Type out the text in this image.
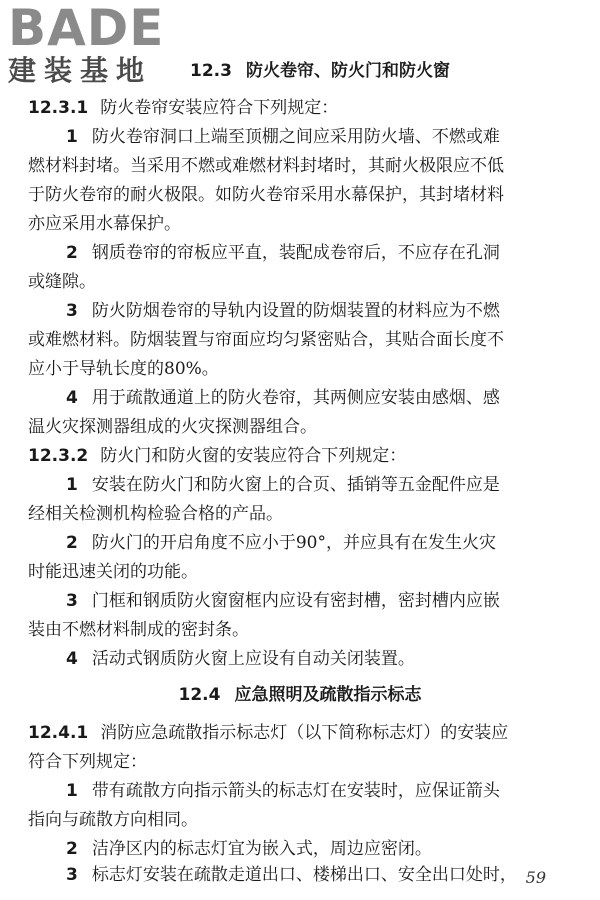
BADE
建装基地	12.3 防火卷帘、防火门和防火窗
12.3.1 防火卷帘安装应符合下列规定：
1 防火卷帘洞口上端至顶棚之间应采用防火墙、不燃或难
燃材料封堵。当采用不燃或难燃材料封堵时，其耐火极限应不低
于防火卷帘的耐火极限。如防火卷帘采用水幕保护，其封堵材料
亦应采用水幕保护。
2 钢质卷帘的帘板应平直，装配成卷帘后，不应存在孔洞
或缝隙。
3 防火防烟卷帘的导轨内设置的防烟装置的材料应为不燃
或难燃材料。防烟装置与帘面应均匀紧密贴合，其贴合面长度不
应小于导轨长度的80%。
4 用于疏散通道上的防火卷帘，其两侧应安装由感烟、感
温火灾探测器组成的火灾探测器组合。
12.3.2 防火门和防火窗的安装应符合下列规定：
1 安装在防火门和防火窗上的合页、插销等五金配件应是
经相关检测机构检验合格的产品。
2 防火门的开启角度不应小于90°，并应具有在发生火灾
时能迅速关闭的功能。
3 门框和钢质防火窗窗框内应设有密封槽，密封槽内应嵌
装由不燃材料制成的密封条。
4 活动式钢质防火窗上应设有自动关闭装置。
12.4 应急照明及疏散指示标志
12.4.1 消防应急疏散指示标志灯（以下简称标志灯）的安装应
符合下列规定：
1 带有疏散方向指示箭头的标志灯在安装时，应保证箭头
指向与疏散方向相同。
2 洁净区内的标志灯宜为嵌入式，周边应密闭。
3 标志灯安装在疏散走道出口、楼梯出口、安全出口处时， 59
